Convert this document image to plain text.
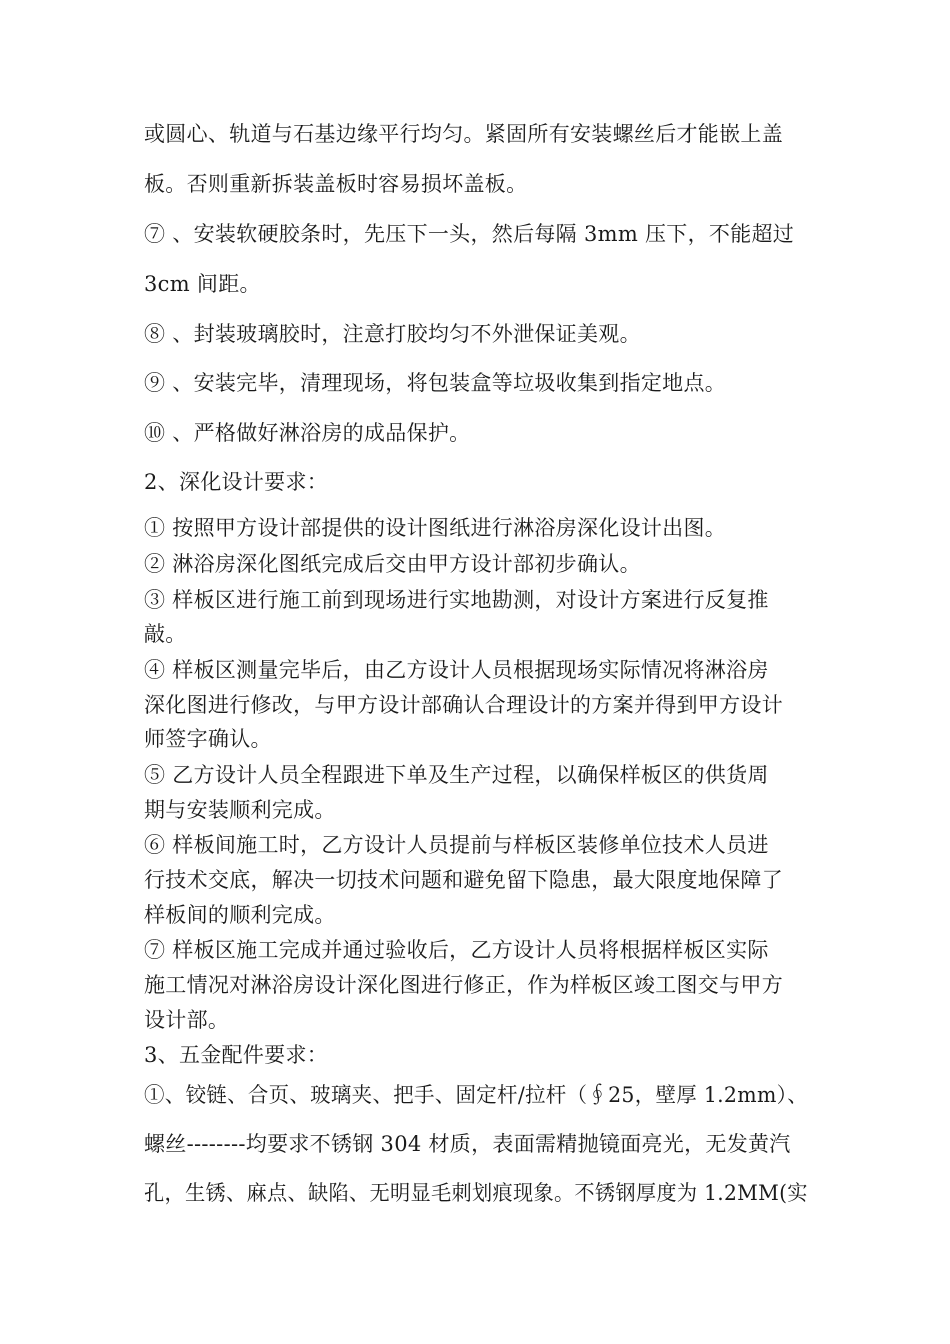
或圆心、轨道与石基边缘平行均匀。紧固所有安装螺丝后才能嵌上盖

板。否则重新拆装盖板时容易损坏盖板。

⑦ 、安装软硬胶条时，先压下一头，然后每隔 3mm 压下，不能超过

3cm 间距。

⑧ 、封装玻璃胶时，注意打胶均匀不外泄保证美观。

⑨ 、安装完毕，清理现场，将包装盒等垃圾收集到指定地点。

⑩ 、严格做好淋浴房的成品保护。

2、深化设计要求：

① 按照甲方设计部提供的设计图纸进行淋浴房深化设计出图。

② 淋浴房深化图纸完成后交由甲方设计部初步确认。

③ 样板区进行施工前到现场进行实地勘测，对设计方案进行反复推

敲。

④ 样板区测量完毕后，由乙方设计人员根据现场实际情况将淋浴房

深化图进行修改，与甲方设计部确认合理设计的方案并得到甲方设计

师签字确认。

⑤ 乙方设计人员全程跟进下单及生产过程，以确保样板区的供货周

期与安装顺利完成。

⑥ 样板间施工时，乙方设计人员提前与样板区装修单位技术人员进

行技术交底，解决一切技术问题和避免留下隐患，最大限度地保障了

样板间的顺利完成。

⑦ 样板区施工完成并通过验收后，乙方设计人员将根据样板区实际

施工情况对淋浴房设计深化图进行修正，作为样板区竣工图交与甲方

设计部。

3、五金配件要求：

①、铰链、合页、玻璃夹、把手、固定杆/拉杆（∮25，壁厚 1.2mm）、

螺丝--------均要求不锈钢 304 材质，表面需精抛镜面亮光，无发黄汽

孔，生锈、麻点、缺陷、无明显毛刺划痕现象。不锈钢厚度为 1.2MM(实
